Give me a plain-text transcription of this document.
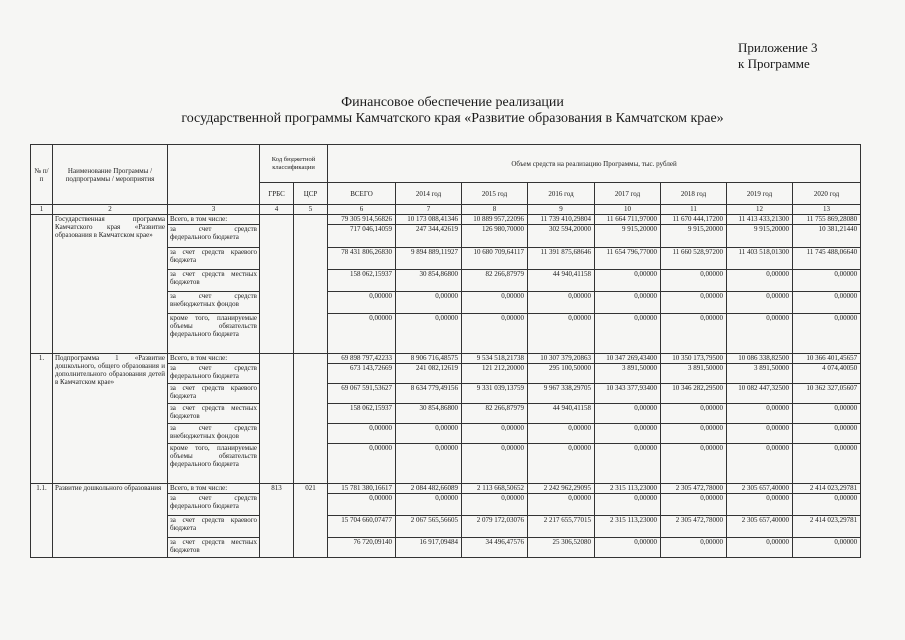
Приложение 3
к Программе
Финансовое обеспечение реализации
государственной программы Камчатского края «Развитие образования в Камчатском крае»
№ п/п	Наименование Программы / подпрограммы / мероприятия		Код бюджетной классификации		Объем средств на реализацию Программы, тыс. рублей							
			ГРБС	ЦСР	ВСЕГО	2014 год	2015 год	2016 год	2017 год	2018 год	2019 год	2020 год
1	2	3	4	5	6	7	8	9	10	11	12	13
	Государственная программа Камчатского края «Развитие образования в Камчатском крае»	Всего, в том числе:			79 305 914,56826	10 173 088,41346	10 889 957,22096	11 739 410,29804	11 664 711,97000	11 670 444,17200	11 413 433,21300	11 755 869,28080
		за счет средств федерального бюджета			717 046,14059	247 344,42619	126 980,70000	302 594,20000	9 915,20000	9 915,20000	9 915,20000	10 381,21440
		за счет средств краевого бюджета			78 431 806,26830	9 894 889,11927	10 680 709,64117	11 391 875,68646	11 654 796,77000	11 660 528,97200	11 403 518,01300	11 745 488,06640
		за счет средств местных бюджетов			158 062,15937	30 854,86800	82 266,87979	44 940,41158	0,00000	0,00000	0,00000	0,00000
		за счет средств внебюджетных фондов			0,00000	0,00000	0,00000	0,00000	0,00000	0,00000	0,00000	0,00000
		кроме того, планируемые объемы обязательств федерального бюджета			0,00000	0,00000	0,00000	0,00000	0,00000	0,00000	0,00000	0,00000
1.	Подпрограмма 1 «Развитие дошкольного, общего образования и дополнительного образования детей в Камчатском крае»	Всего, в том числе:			69 898 797,42233	8 906 716,48575	9 534 518,21738	10 307 379,20863	10 347 269,43400	10 350 173,79500	10 086 338,82500	10 366 401,45657
		за счет средств федерального бюджета			673 143,72669	241 082,12619	121 212,20000	295 100,50000	3 891,50000	3 891,50000	3 891,50000	4 074,40050
		за счет средств краевого бюджета			69 067 591,53627	8 634 779,49156	9 331 039,13759	9 967 338,29705	10 343 377,93400	10 346 282,29500	10 082 447,32500	10 362 327,05607
		за счет средств местных бюджетов			158 062,15937	30 854,86800	82 266,87979	44 940,41158	0,00000	0,00000	0,00000	0,00000
		за счет средств внебюджетных фондов			0,00000	0,00000	0,00000	0,00000	0,00000	0,00000	0,00000	0,00000
		кроме того, планируемые объемы обязательств федерального бюджета			0,00000	0,00000	0,00000	0,00000	0,00000	0,00000	0,00000	0,00000
1.1.	Развитие дошкольного образования	Всего, в том числе:	813	021	15 781 380,16617	2 084 482,66089	2 113 668,50652	2 242 962,29095	2 315 113,23000	2 305 472,78000	2 305 657,40000	2 414 023,29781
		за счет средств федерального бюджета			0,00000	0,00000	0,00000	0,00000	0,00000	0,00000	0,00000	0,00000
		за счет средств краевого бюджета			15 704 660,07477	2 067 565,56605	2 079 172,03076	2 217 655,77015	2 315 113,23000	2 305 472,78000	2 305 657,40000	2 414 023,29781
		за счет средств местных бюджетов			76 720,09140	16 917,09484	34 496,47576	25 306,52080	0,00000	0,00000	0,00000	0,00000
